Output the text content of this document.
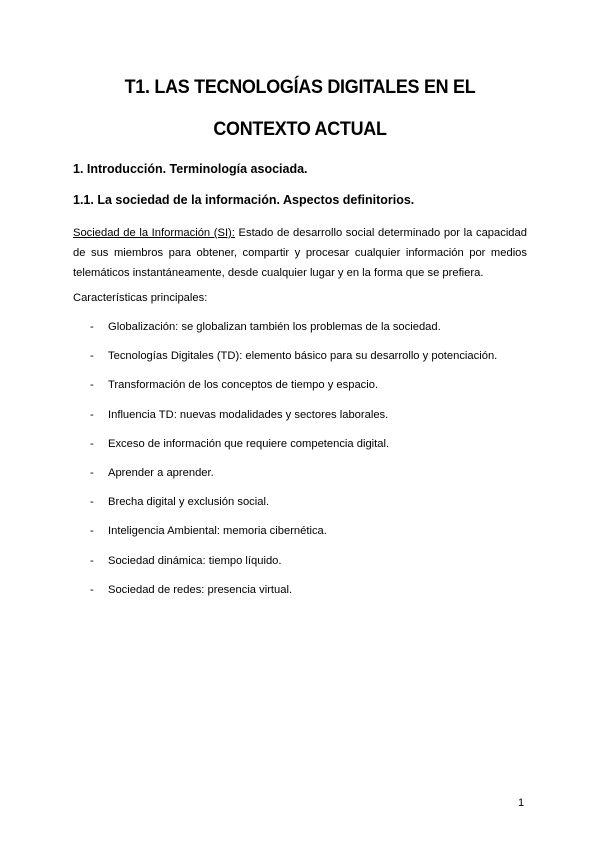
T1. LAS TECNOLOGÍAS DIGITALES EN EL CONTEXTO ACTUAL
1. Introducción. Terminología asociada.
1.1. La sociedad de la información. Aspectos definitorios.
Sociedad de la Información (SI): Estado de desarrollo social determinado por la capacidad de sus miembros para obtener, compartir y procesar cualquier información por medios telemáticos instantáneamente, desde cualquier lugar y en la forma que se prefiera.
Características principales:
- Globalización: se globalizan también los problemas de la sociedad.
- Tecnologías Digitales (TD): elemento básico para su desarrollo y potenciación.
- Transformación de los conceptos de tiempo y espacio.
- Influencia TD: nuevas modalidades y sectores laborales.
- Exceso de información que requiere competencia digital.
- Aprender a aprender.
- Brecha digital y exclusión social.
- Inteligencia Ambiental: memoria cibernética.
- Sociedad dinámica: tiempo líquido.
- Sociedad de redes: presencia virtual.
1
